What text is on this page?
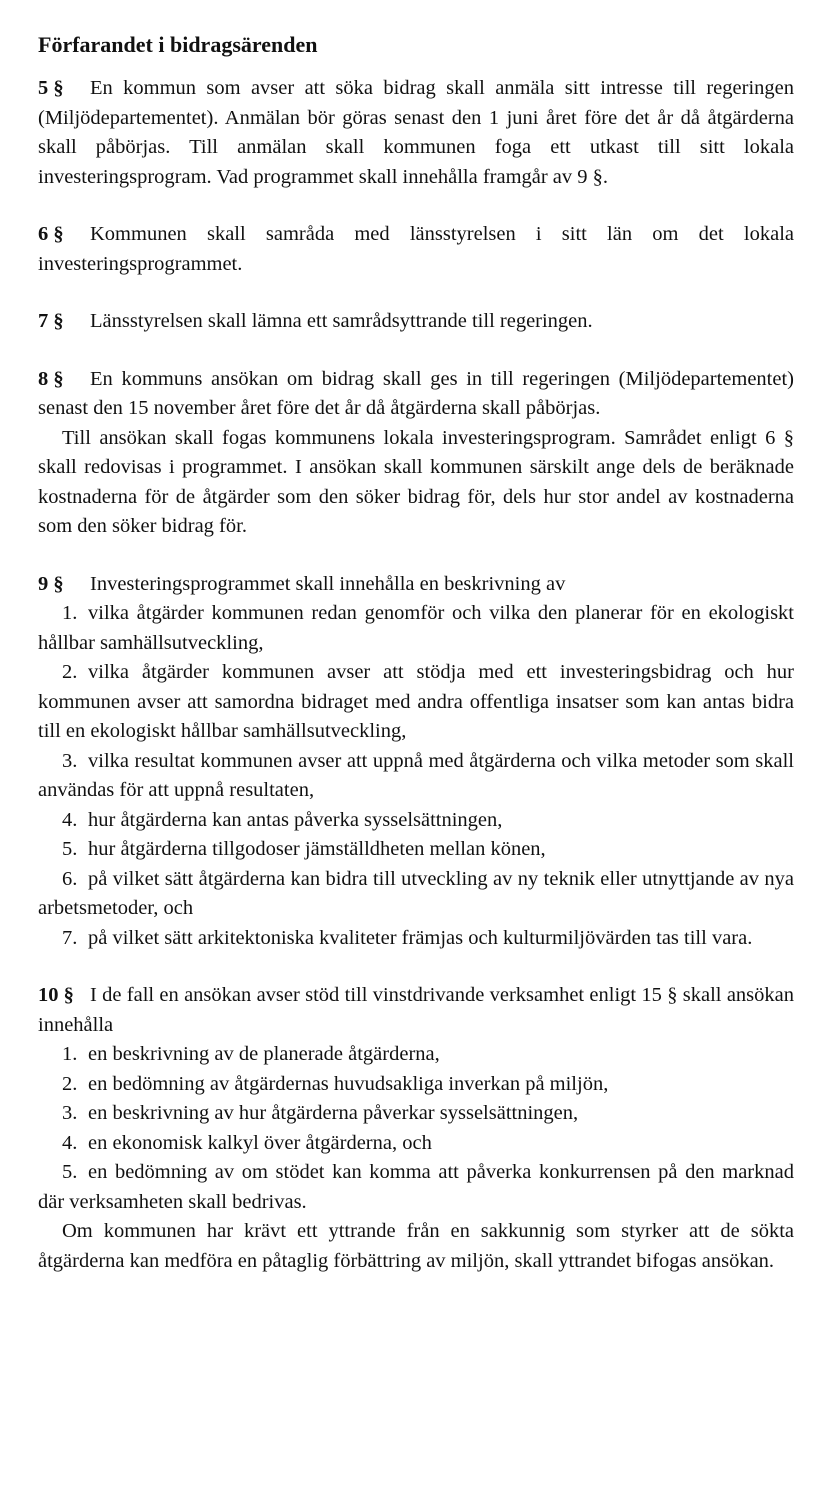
Förfarandet i bidragsärenden

5 § En kommun som avser att söka bidrag skall anmäla sitt intresse till regeringen (Miljödepartementet). Anmälan bör göras senast den 1 juni året före det år då åtgärderna skall påbörjas. Till anmälan skall kommunen foga ett utkast till sitt lokala investeringsprogram. Vad programmet skall innehålla framgår av 9 §.

6 § Kommunen skall samråda med länsstyrelsen i sitt län om det lokala investeringsprogrammet.

7 § Länsstyrelsen skall lämna ett samrådsyttrande till regeringen.

8 § En kommuns ansökan om bidrag skall ges in till regeringen (Miljödepartementet) senast den 15 november året före det år då åtgärderna skall påbörjas.

Till ansökan skall fogas kommunens lokala investeringsprogram. Samrådet enligt 6 § skall redovisas i programmet. I ansökan skall kommunen särskilt ange dels de beräknade kostnaderna för de åtgärder som den söker bidrag för, dels hur stor andel av kostnaderna som den söker bidrag för.

9 § Investeringsprogrammet skall innehålla en beskrivning av

1. vilka åtgärder kommunen redan genomför och vilka den planerar för en ekologiskt hållbar samhällsutveckling,

2. vilka åtgärder kommunen avser att stödja med ett investeringsbidrag och hur kommunen avser att samordna bidraget med andra offentliga insatser som kan antas bidra till en ekologiskt hållbar samhällsutveckling,

3. vilka resultat kommunen avser att uppnå med åtgärderna och vilka metoder som skall användas för att uppnå resultaten,

4. hur åtgärderna kan antas påverka sysselsättningen,

5. hur åtgärderna tillgodoser jämställdheten mellan könen,

6. på vilket sätt åtgärderna kan bidra till utveckling av ny teknik eller utnyttjande av nya arbetsmetoder, och

7. på vilket sätt arkitektoniska kvaliteter främjas och kulturmiljövärden tas till vara.

10 § I de fall en ansökan avser stöd till vinstdrivande verksamhet enligt 15 § skall ansökan innehålla

1. en beskrivning av de planerade åtgärderna,

2. en bedömning av åtgärdernas huvudsakliga inverkan på miljön,

3. en beskrivning av hur åtgärderna påverkar sysselsättningen,

4. en ekonomisk kalkyl över åtgärderna, och

5. en bedömning av om stödet kan komma att påverka konkurrensen på den marknad där verksamheten skall bedrivas.

Om kommunen har krävt ett yttrande från en sakkunnig som styrker att de sökta åtgärderna kan medföra en påtaglig förbättring av miljön, skall yttrandet bifogas ansökan.
